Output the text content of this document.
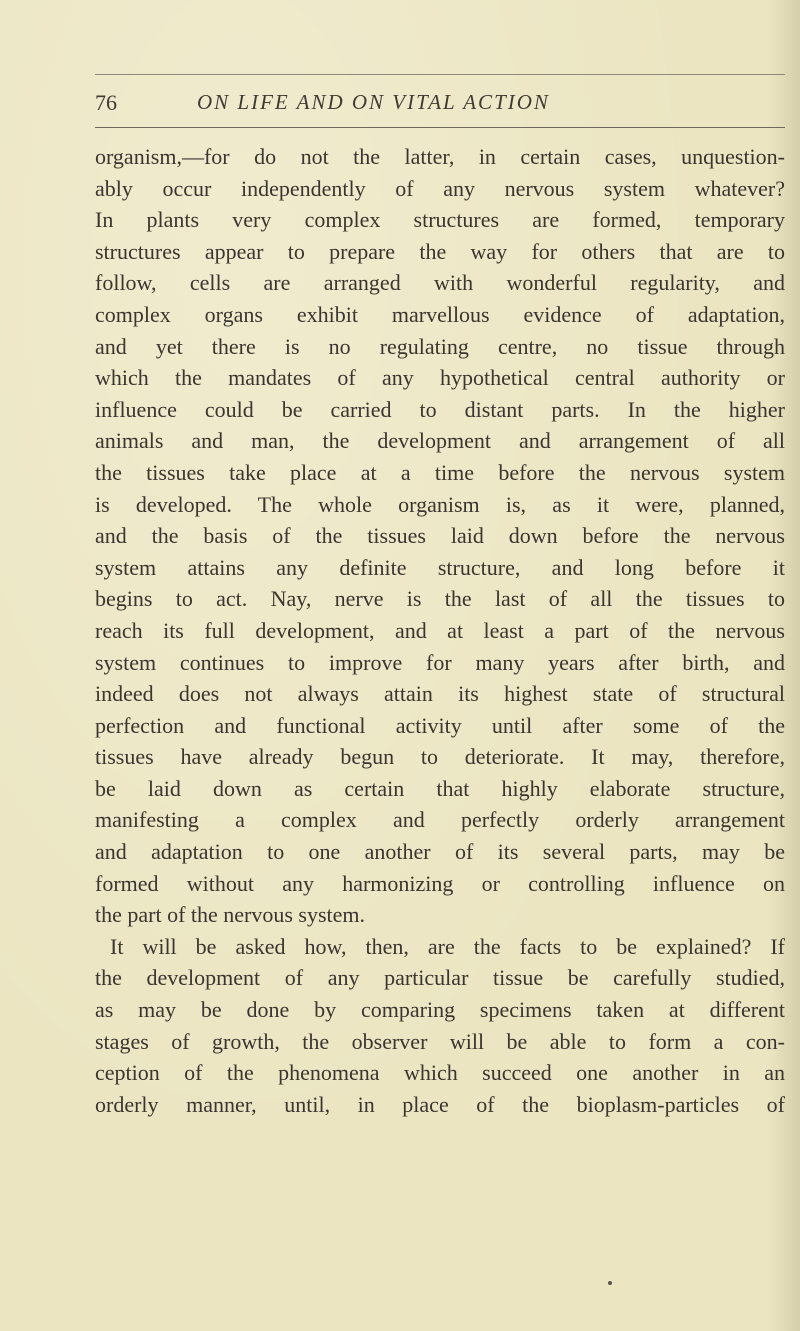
76	ON LIFE AND ON VITAL ACTION
organism,—for do not the latter, in certain cases, unquestion-
ably occur independently of any nervous system whatever?
In plants very complex structures are formed, temporary
structures appear to prepare the way for others that are to
follow, cells are arranged with wonderful regularity, and
complex organs exhibit marvellous evidence of adaptation,
and yet there is no regulating centre, no tissue through
which the mandates of any hypothetical central authority or
influence could be carried to distant parts. In the higher
animals and man, the development and arrangement of all
the tissues take place at a time before the nervous system
is developed. The whole organism is, as it were, planned,
and the basis of the tissues laid down before the nervous
system attains any definite structure, and long before it
begins to act. Nay, nerve is the last of all the tissues to
reach its full development, and at least a part of the nervous
system continues to improve for many years after birth, and
indeed does not always attain its highest state of structural
perfection and functional activity until after some of the
tissues have already begun to deteriorate. It may, therefore,
be laid down as certain that highly elaborate structure,
manifesting a complex and perfectly orderly arrangement
and adaptation to one another of its several parts, may be
formed without any harmonizing or controlling influence on
the part of the nervous system.
It will be asked how, then, are the facts to be explained? If
the development of any particular tissue be carefully studied,
as may be done by comparing specimens taken at different
stages of growth, the observer will be able to form a con-
ception of the phenomena which succeed one another in an
orderly manner, until, in place of the bioplasm-particles of
